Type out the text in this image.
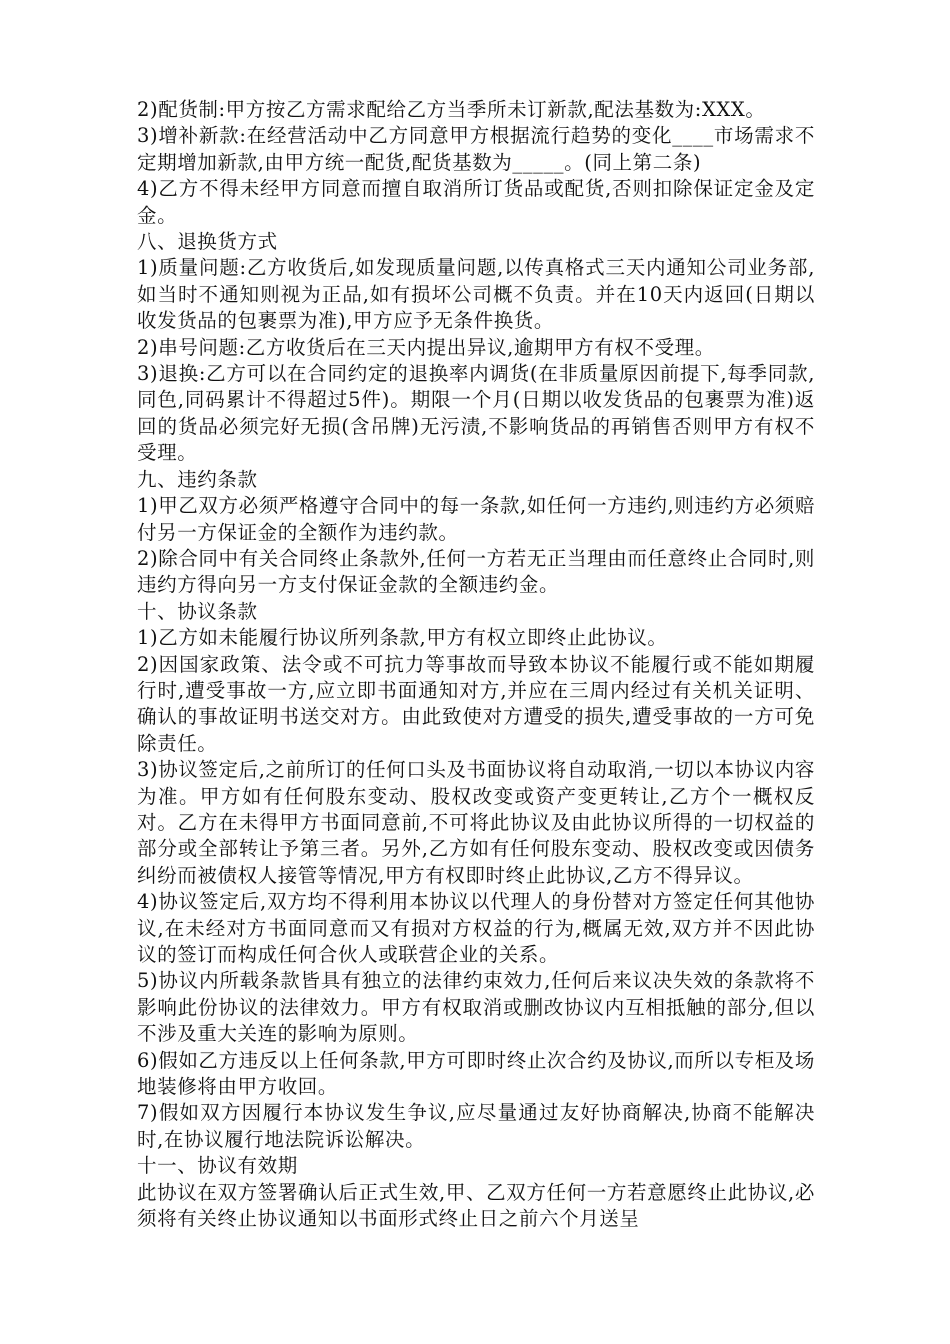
2)配货制:甲方按乙方需求配给乙方当季所未订新款,配法基数为:XXX。

3)增补新款:在经营活动中乙方同意甲方根据流行趋势的变化____市场需求不定期增加新款,由甲方统一配货,配货基数为_____。(同上第二条)

4)乙方不得未经甲方同意而擅自取消所订货品或配货,否则扣除保证定金及定金。

八、退换货方式

1)质量问题:乙方收货后,如发现质量问题,以传真格式三天内通知公司业务部,如当时不通知则视为正品,如有损坏公司概不负责。并在10天内返回(日期以收发货品的包裹票为准),甲方应予无条件换货。

2)串号问题:乙方收货后在三天内提出异议,逾期甲方有权不受理。

3)退换:乙方可以在合同约定的退换率内调货(在非质量原因前提下,每季同款,同色,同码累计不得超过5件)。期限一个月(日期以收发货品的包裹票为准)返回的货品必须完好无损(含吊牌)无污渍,不影响货品的再销售否则甲方有权不受理。

九、违约条款

1)甲乙双方必须严格遵守合同中的每一条款,如任何一方违约,则违约方必须赔付另一方保证金的全额作为违约款。

2)除合同中有关合同终止条款外,任何一方若无正当理由而任意终止合同时,则违约方得向另一方支付保证金款的全额违约金。

十、协议条款

1)乙方如未能履行协议所列条款,甲方有权立即终止此协议。

2)因国家政策、法令或不可抗力等事故而导致本协议不能履行或不能如期履行时,遭受事故一方,应立即书面通知对方,并应在三周内经过有关机关证明、确认的事故证明书送交对方。由此致使对方遭受的损失,遭受事故的一方可免除责任。

3)协议签定后,之前所订的任何口头及书面协议将自动取消,一切以本协议内容为准。甲方如有任何股东变动、股权改变或资产变更转让,乙方个一概权反对。乙方在未得甲方书面同意前,不可将此协议及由此协议所得的一切权益的部分或全部转让予第三者。另外,乙方如有任何股东变动、股权改变或因债务纠纷而被债权人接管等情况,甲方有权即时终止此协议,乙方不得异议。

4)协议签定后,双方均不得利用本协议以代理人的身份替对方签定任何其他协议,在未经对方书面同意而又有损对方权益的行为,概属无效,双方并不因此协议的签订而构成任何合伙人或联营企业的关系。

5)协议内所载条款皆具有独立的法律约束效力,任何后来议决失效的条款将不影响此份协议的法律效力。甲方有权取消或删改协议内互相抵触的部分,但以不涉及重大关连的影响为原则。

6)假如乙方违反以上任何条款,甲方可即时终止次合约及协议,而所以专柜及场地装修将由甲方收回。

7)假如双方因履行本协议发生争议,应尽量通过友好协商解决,协商不能解决时,在协议履行地法院诉讼解决。

十一、协议有效期

此协议在双方签署确认后正式生效,甲、乙双方任何一方若意愿终止此协议,必须将有关终止协议通知以书面形式终止日之前六个月送呈
